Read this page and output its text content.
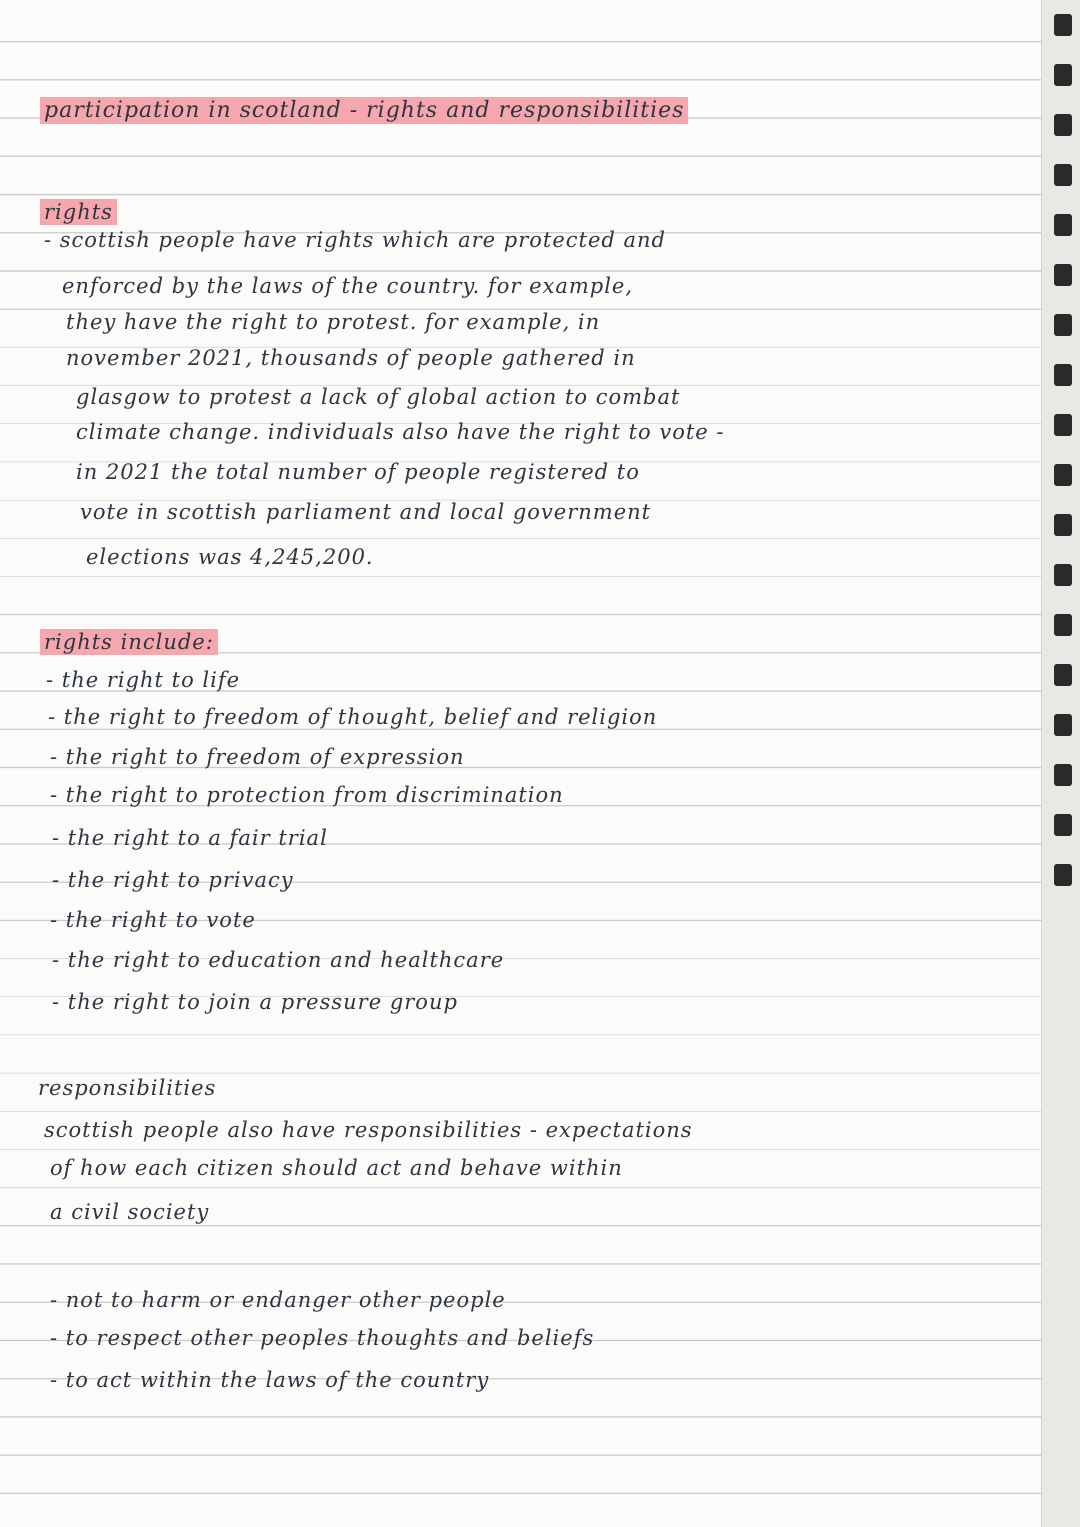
participation in scotland - rights and responsibilities
rights
- scottish people have rights which are protected and
enforced by the laws of the country. for example,
they have the right to protest. for example, in
november 2021, thousands of people gathered in
glasgow to protest a lack of global action to combat
climate change. individuals also have the right to vote -
in 2021 the total number of people registered to
vote in scottish parliament and local government
elections was 4,245,200.
rights include:
- the right to life
- the right to freedom of thought, belief and religion
- the right to freedom of expression
- the right to protection from discrimination
- the right to a fair trial
- the right to privacy
- the right to vote
- the right to education and healthcare
- the right to join a pressure group
responsibilities
scottish people also have responsibilities - expectations
of how each citizen should act and behave within
a civil society
- not to harm or endanger other people
- to respect other peoples thoughts and beliefs
- to act within the laws of the country
